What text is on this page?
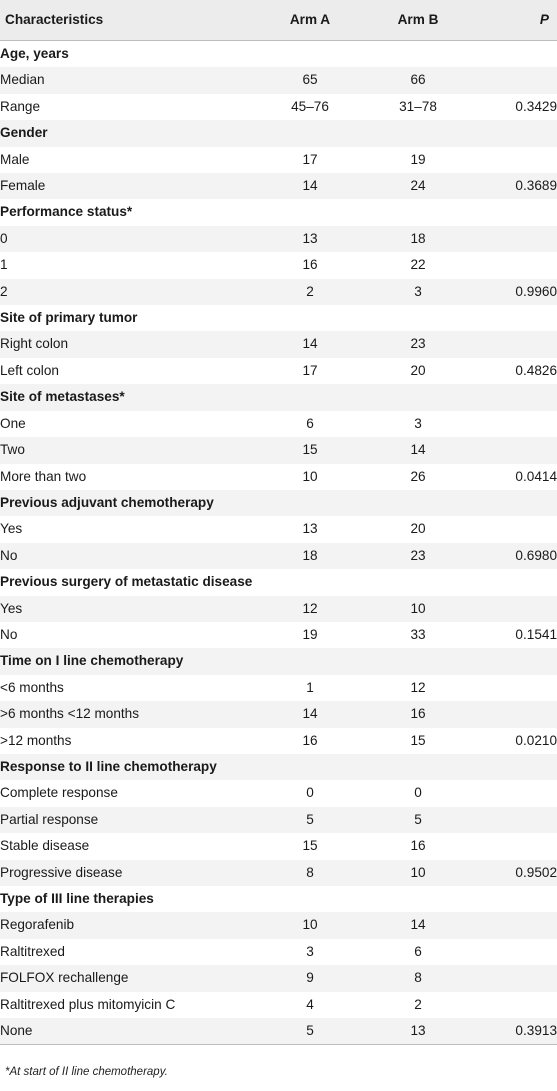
Characteristics	Arm A	Arm B	P
Age, years			
Median	65	66	
Range	45–76	31–78	0.3429
Gender			
Male	17	19	
Female	14	24	0.3689
Performance status*			
0	13	18	
1	16	22	
2	2	3	0.9960
Site of primary tumor			
Right colon	14	23	
Left colon	17	20	0.4826
Site of metastases*			
One	6	3	
Two	15	14	
More than two	10	26	0.0414
Previous adjuvant chemotherapy			
Yes	13	20	
No	18	23	0.6980
Previous surgery of metastatic disease			
Yes	12	10	
No	19	33	0.1541
Time on I line chemotherapy			
<6 months	1	12	
>6 months <12 months	14	16	
>12 months	16	15	0.0210
Response to II line chemotherapy			
Complete response	0	0	
Partial response	5	5	
Stable disease	15	16	
Progressive disease	8	10	0.9502
Type of III line therapies			
Regorafenib	10	14	
Raltitrexed	3	6	
FOLFOX rechallenge	9	8	
Raltitrexed plus mitomyicin C	4	2	
None	5	13	0.3913
*At start of II line chemotherapy.
